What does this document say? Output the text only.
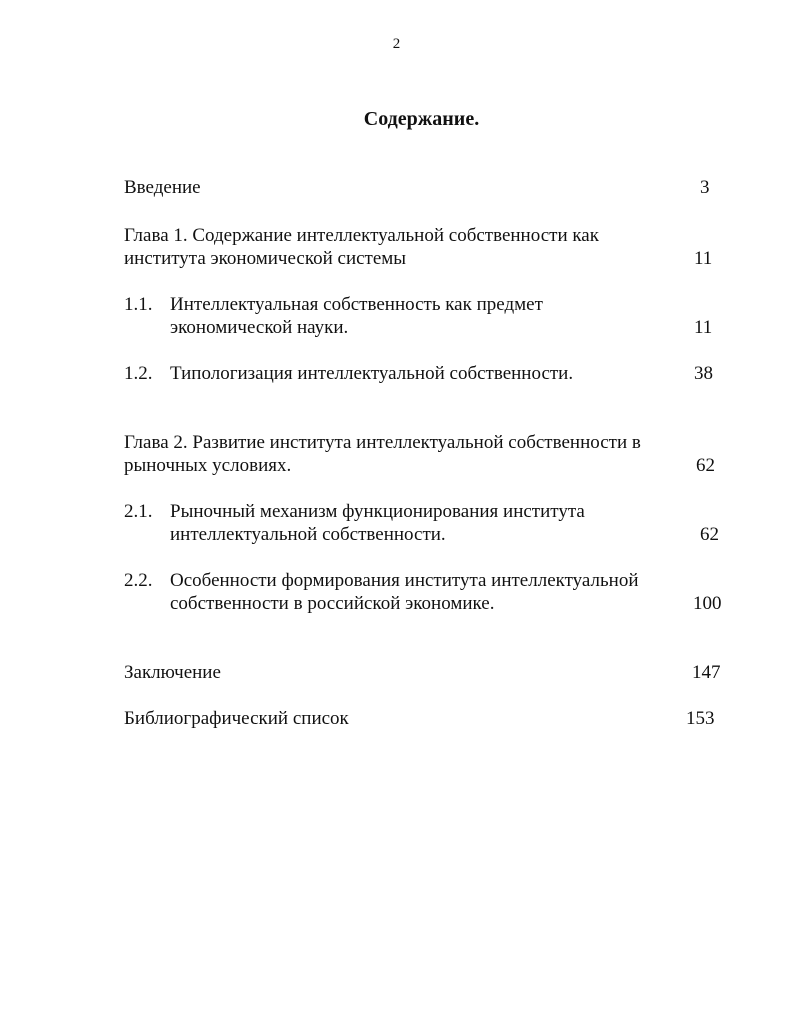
2
Содержание.
Введение	3
Глава 1. Содержание интеллектуальной собственности как института экономической системы	11
1.1. Интеллектуальная собственность как предмет экономической науки.	11
1.2. Типологизация интеллектуальной собственности.	38
Глава 2. Развитие института интеллектуальной собственности в рыночных условиях.	62
2.1. Рыночный механизм функционирования института интеллектуальной собственности.	62
2.2. Особенности формирования института интеллектуальной собственности в российской экономике.	100
Заключение	147
Библиографический список	153
